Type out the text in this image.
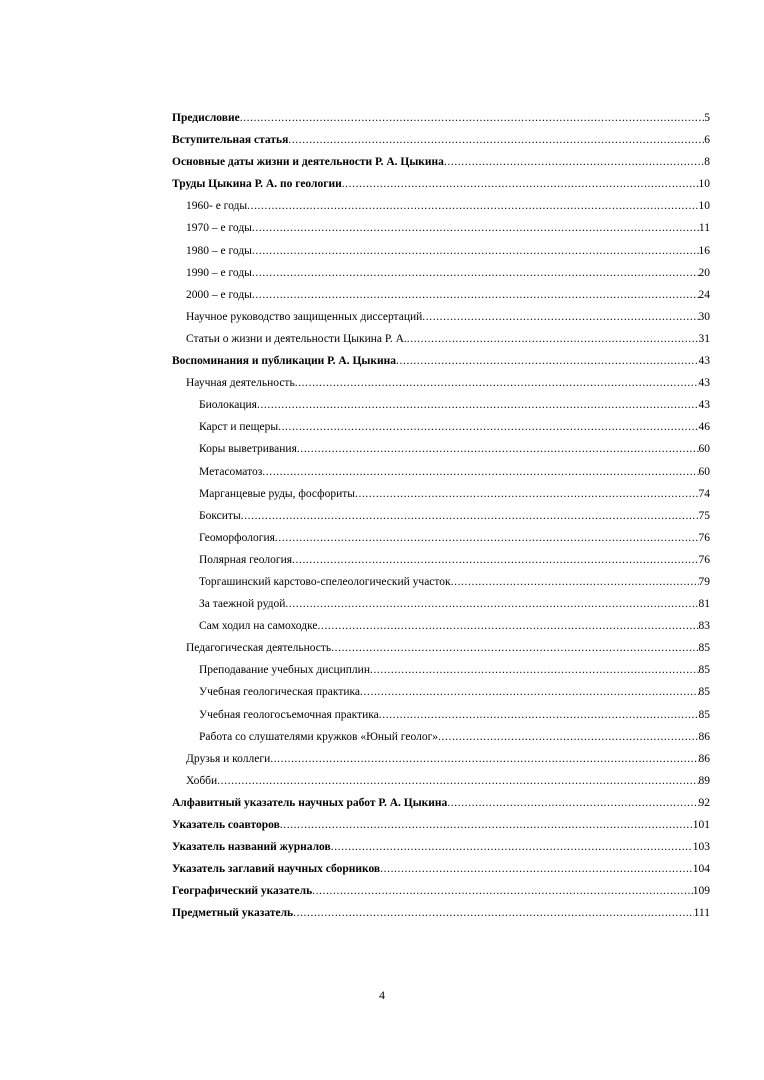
Предисловие .....	5
Вступительная статья .....	6
Основные даты жизни и деятельности Р. А. Цыкина .....	8
Труды Цыкина Р. А. по геологии .....	10
1960- е годы .....	10
1970 – е годы .....	11
1980 – е годы .....	16
1990 – е годы .....	20
2000 – е годы .....	24
Научное руководство защищенных диссертаций .....	30
Статьи о жизни и деятельности Цыкина Р. А. .....	31
Воспоминания и публикации Р. А. Цыкина .....	43
Научная деятельность .....	43
Биолокация .....	43
Карст и пещеры .....	46
Коры выветривания .....	60
Метасоматоз .....	60
Марганцевые руды, фосфориты .....	74
Бокситы .....	75
Геоморфология .....	76
Полярная геология .....	76
Торгашинский карстово-спелеологический участок .....	79
За таежной рудой .....	81
Сам ходил на самоходке .....	83
Педагогическая деятельность .....	85
Преподавание учебных дисциплин .....	85
Учебная геологическая практика .....	85
Учебная геологосъемочная практика .....	85
Работа со слушателями кружков «Юный геолог» .....	86
Друзья и коллеги .....	86
Хобби .....	89
Алфавитный указатель научных работ Р. А. Цыкина .....	92
Указатель соавторов .....	101
Указатель названий журналов .....	103
Указатель заглавий научных сборников .....	104
Географический указатель .....	109
Предметный указатель .....	111
4
